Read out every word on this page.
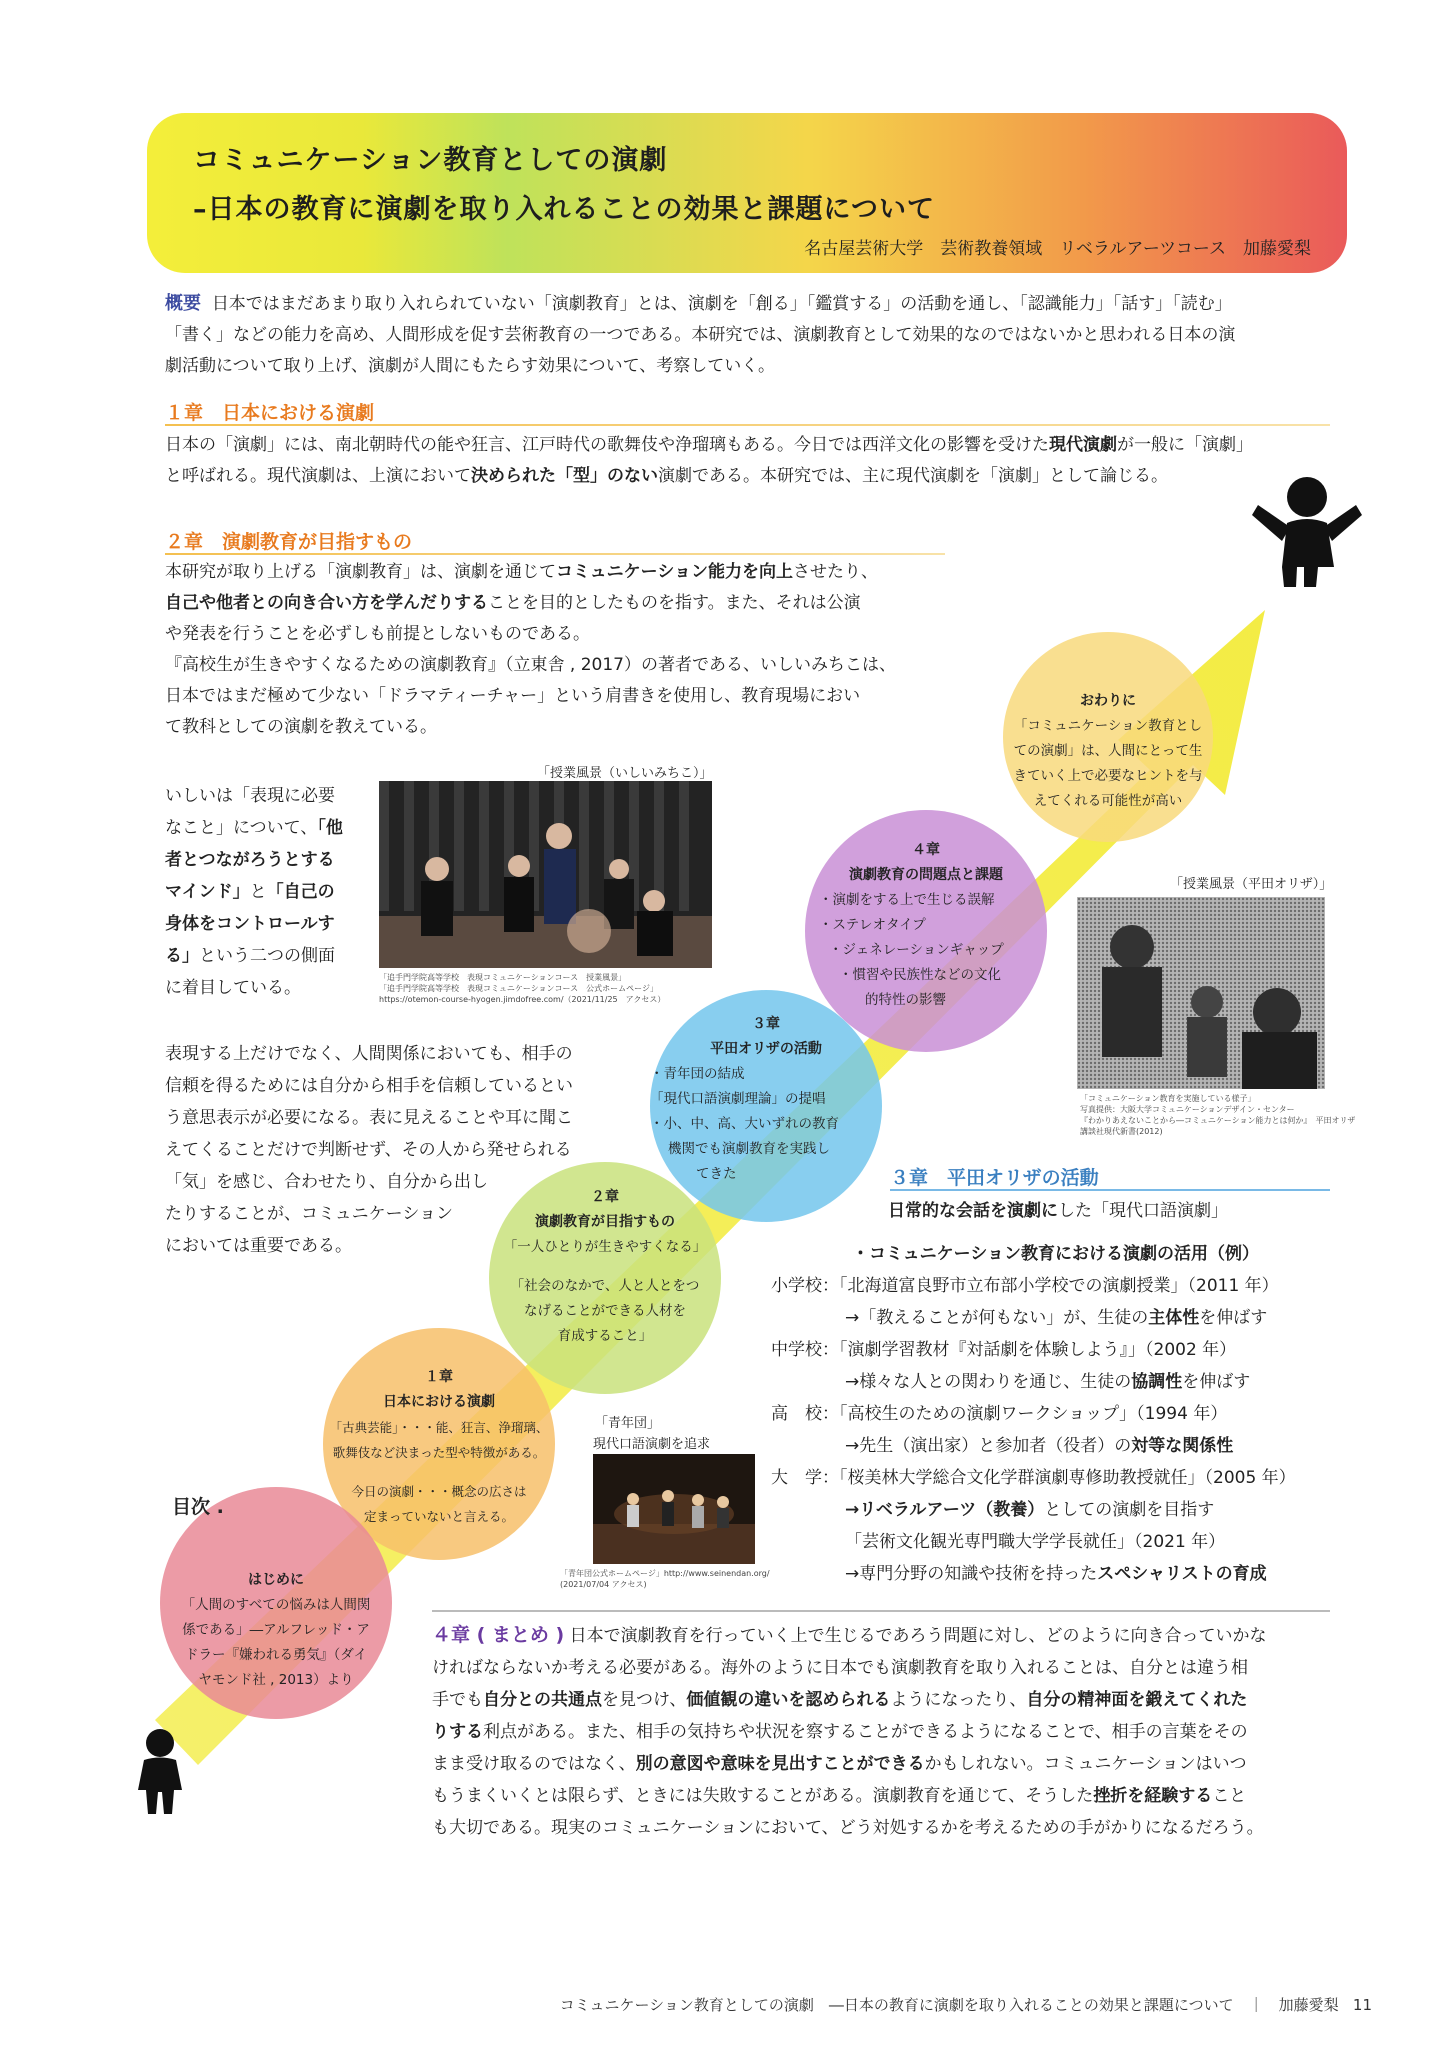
コミュニケーション教育としての演劇
–日本の教育に演劇を取り入れることの効果と課題について
名古屋芸術大学　芸術教養領域　リベラルアーツコース　加藤愛梨
概要 日本ではまだあまり取り入れられていない「演劇教育」とは、演劇を「創る」「鑑賞する」の活動を通し、「認識能力」「話す」「読む」
「書く」などの能力を高め、人間形成を促す芸術教育の一つである。本研究では、演劇教育として効果的なのではないかと思われる日本の演
劇活動について取り上げ、演劇が人間にもたらす効果について、考察していく。
１章　日本における演劇
日本の「演劇」には、南北朝時代の能や狂言、江戸時代の歌舞伎や浄瑠璃もある。今日では西洋文化の影響を受けた現代演劇が一般に「演劇」
と呼ばれる。現代演劇は、上演において決められた「型」のない演劇である。本研究では、主に現代演劇を「演劇」として論じる。
２章　演劇教育が目指すもの
本研究が取り上げる「演劇教育」は、演劇を通じてコミュニケーション能力を向上させたり、
自己や他者との向き合い方を学んだりすることを目的としたものを指す。また、それは公演
や発表を行うことを必ずしも前提としないものである。
『高校生が生きやすくなるための演劇教育』（立東舎 , 2017）の著者である、いしいみちこは、
日本ではまだ極めて少ない「ドラマティーチャー」という肩書きを使用し、教育現場におい
て教科としての演劇を教えている。
いしいは「表現に必要
なこと」について、「他
者とつながろうとする
マインド」と「自己の
身体をコントロールす
る」という二つの側面
に着目している。
「授業風景（いしいみちこ）」
「追手門学院高等学校　表現コミュニケーションコース　授業風景」
「追手門学院高等学校　表現コミュニケーションコース　公式ホームページ」
https://otemon-course-hyogen.jimdofree.com/（2021/11/25　アクセス）
「授業風景（平田オリザ）」
「コミュニケーション教育を実施している様子」
写真提供：大阪大学コミュニケーションデザイン・センター
『わかりあえないことから―コミュニケーション能力とは何か』　平田オリザ
講談社現代新書(2012)
表現する上だけでなく、人間関係においても、相手の
信頼を得るためには自分から相手を信頼しているとい
う意思表示が必要になる。表に見えることや耳に聞こ
えてくることだけで判断せず、その人から発せられる
「気」を感じ、合わせたり、自分から出し
たりすることが、コミュニケーション
においては重要である。
おわりに
「コミュニケーション教育とし
ての演劇」は、人間にとって生
きていく上で必要なヒントを与
えてくれる可能性が高い
４章
演劇教育の問題点と課題
・演劇をする上で生じる誤解
・ステレオタイプ
・ジェネレーションギャップ
・慣習や民族性などの文化
的特性の影響
３章
平田オリザの活動
・青年団の結成
「現代口語演劇理論」の提唱
・小、中、高、大いずれの教育
機関でも演劇教育を実践し
てきた
２章
演劇教育が目指すもの
「一人ひとりが生きやすくなる」
「社会のなかで、人と人とをつ
なげることができる人材を
育成すること」
１章
日本における演劇
「古典芸能」・・・能、狂言、浄瑠璃、
歌舞伎など決まった型や特徴がある。
今日の演劇・・・概念の広さは
定まっていないと言える。
はじめに
「人間のすべての悩みは人間関
係である」―アルフレッド・ア
ドラー『嫌われる勇気』（ダイ
ヤモンド社 , 2013）より
目次 .
「青年団」
現代口語演劇を追求
「青年団公式ホームページ」http://www.seinendan.org/
(2021/07/04 アクセス)
３章　平田オリザの活動
日常的な会話を演劇にした「現代口語演劇」
・コミュニケーション教育における演劇の活用（例）
小学校：「北海道富良野市立布部小学校での演劇授業」（2011 年）
→「教えることが何もない」が、生徒の主体性を伸ばす
中学校：「演劇学習教材『対話劇を体験しよう』」（2002 年）
→様々な人との関わりを通じ、生徒の協調性を伸ばす
高　校：「高校生のための演劇ワークショップ」（1994 年）
→先生（演出家）と参加者（役者）の対等な関係性
大　学：「桜美林大学総合文化学群演劇専修助教授就任」（2005 年）
→リベラルアーツ（教養）としての演劇を目指す
「芸術文化観光専門職大学学長就任」（2021 年）
→専門分野の知識や技術を持ったスペシャリストの育成
４章 ( まとめ ) 日本で演劇教育を行っていく上で生じるであろう問題に対し、どのように向き合っていかな
ければならないか考える必要がある。海外のように日本でも演劇教育を取り入れることは、自分とは違う相
手でも自分との共通点を見つけ、価値観の違いを認められるようになったり、自分の精神面を鍛えてくれた
りする利点がある。また、相手の気持ちや状況を察することができるようになることで、相手の言葉をその
まま受け取るのではなく、別の意図や意味を見出すことができるかもしれない。コミュニケーションはいつ
もうまくいくとは限らず、ときには失敗することがある。演劇教育を通じて、そうした挫折を経験すること
も大切である。現実のコミュニケーションにおいて、どう対処するかを考えるための手がかりになるだろう。
コミュニケーション教育としての演劇　―日本の教育に演劇を取り入れることの効果と課題について　｜　加藤愛梨 11
